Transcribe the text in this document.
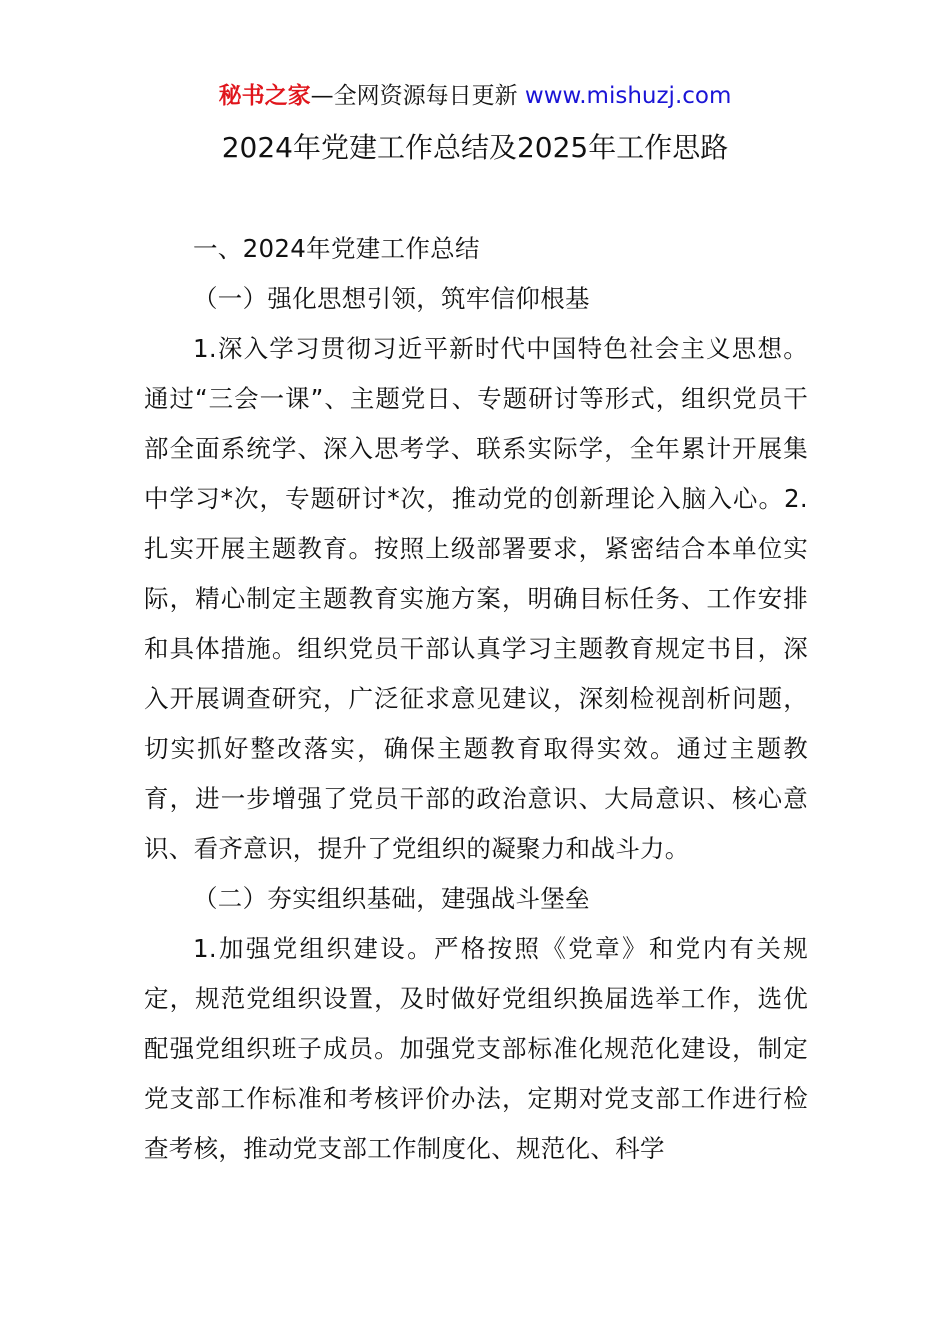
秘书之家—全网资源每日更新 www.mishuzj.com
2024年党建工作总结及2025年工作思路

一、2024年党建工作总结

（一）强化思想引领，筑牢信仰根基

1.深入学习贯彻习近平新时代中国特色社会主义思想。通过“三会一课”、主题党日、专题研讨等形式，组织党员干部全面系统学、深入思考学、联系实际学，全年累计开展集中学习*次，专题研讨*次，推动党的创新理论入脑入心。2.扎实开展主题教育。按照上级部署要求，紧密结合本单位实际，精心制定主题教育实施方案，明确目标任务、工作安排和具体措施。组织党员干部认真学习主题教育规定书目，深入开展调查研究，广泛征求意见建议，深刻检视剖析问题，切实抓好整改落实，确保主题教育取得实效。通过主题教育，进一步增强了党员干部的政治意识、大局意识、核心意识、看齐意识，提升了党组织的凝聚力和战斗力。

（二）夯实组织基础，建强战斗堡垒

1.加强党组织建设。严格按照《党章》和党内有关规定，规范党组织设置，及时做好党组织换届选举工作，选优配强党组织班子成员。加强党支部标准化规范化建设，制定党支部工作标准和考核评价办法，定期对党支部工作进行检查考核，推动党支部工作制度化、规范化、科学
